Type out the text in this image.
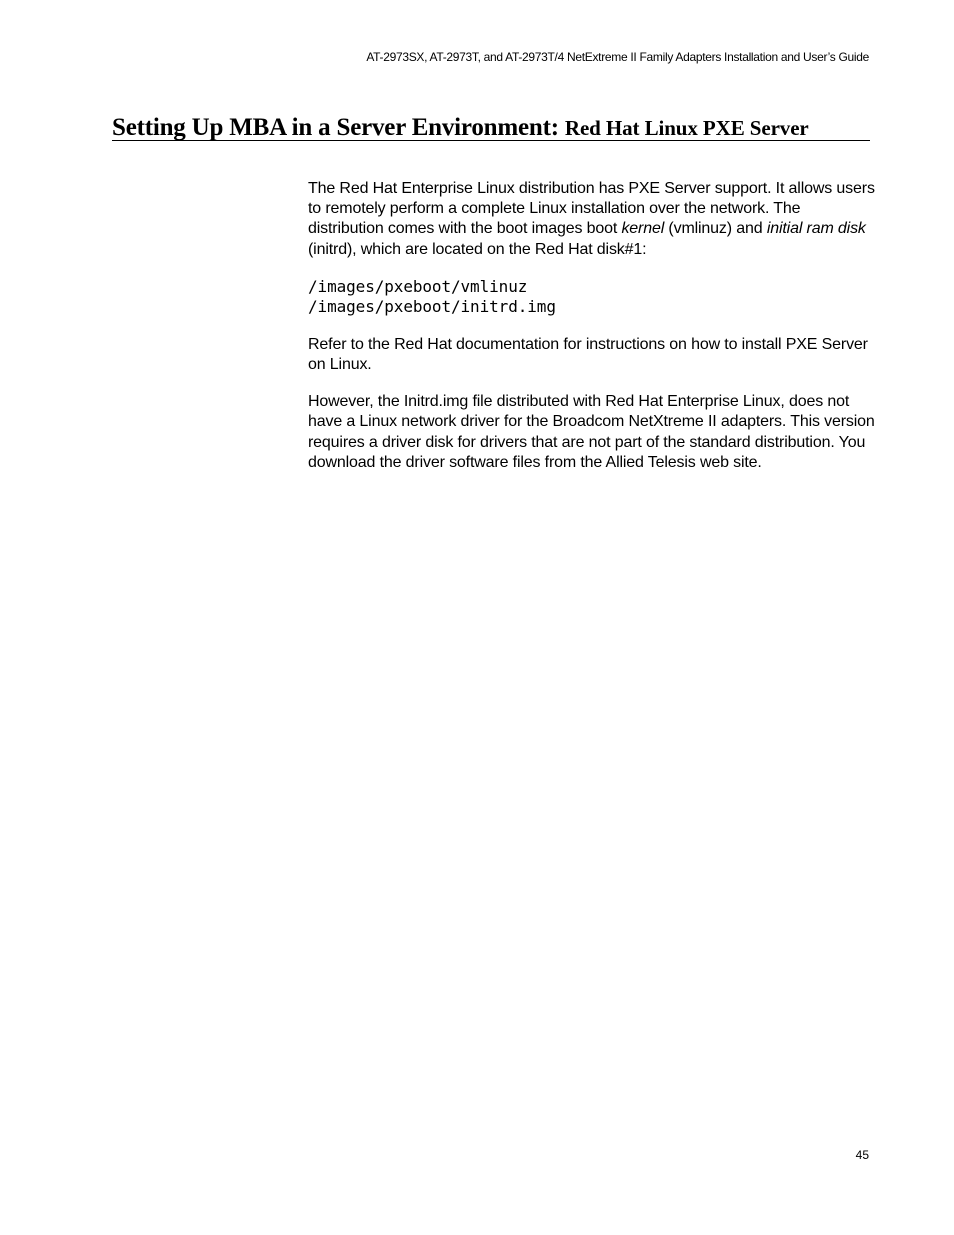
AT-2973SX, AT-2973T, and AT-2973T/4 NetExtreme II Family Adapters Installation and User’s Guide
Setting Up MBA in a Server Environment: Red Hat Linux PXE Server

The Red Hat Enterprise Linux distribution has PXE Server support. It allows users to remotely perform a complete Linux installation over the network. The distribution comes with the boot images boot kernel (vmlinuz) and initial ram disk (initrd), which are located on the Red Hat disk#1:

/images/pxeboot/vmlinuz
/images/pxeboot/initrd.img

Refer to the Red Hat documentation for instructions on how to install PXE Server on Linux.

However, the Initrd.img file distributed with Red Hat Enterprise Linux, does not have a Linux network driver for the Broadcom NetXtreme II adapters. This version requires a driver disk for drivers that are not part of the standard distribution. You download the driver software files from the Allied Telesis web site.

45
